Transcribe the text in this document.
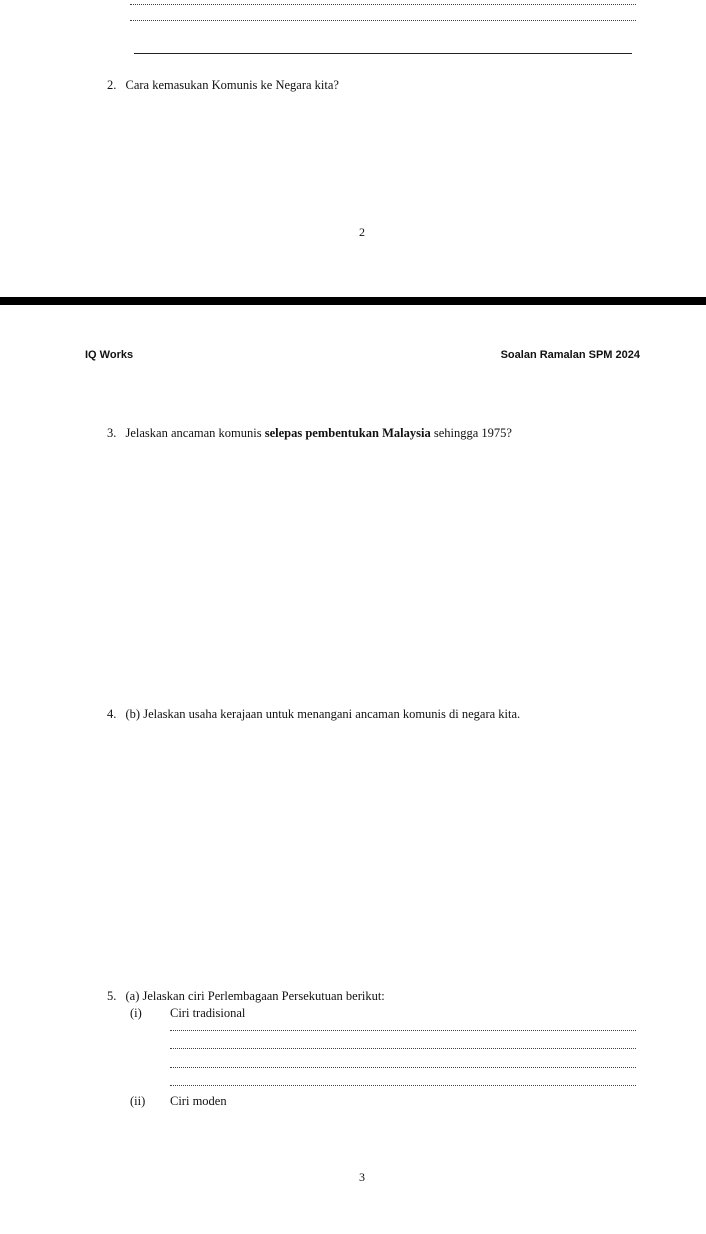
2. Cara kemasukan Komunis ke Negara kita?
2
IQ Works	Soalan Ramalan SPM 2024
3. Jelaskan ancaman komunis selepas pembentukan Malaysia sehingga 1975?
4. (b) Jelaskan usaha kerajaan untuk menangani ancaman komunis di negara kita.
5. (a) Jelaskan ciri Perlembagaan Persekutuan berikut:
(i) Ciri tradisional
(ii) Ciri moden
3
